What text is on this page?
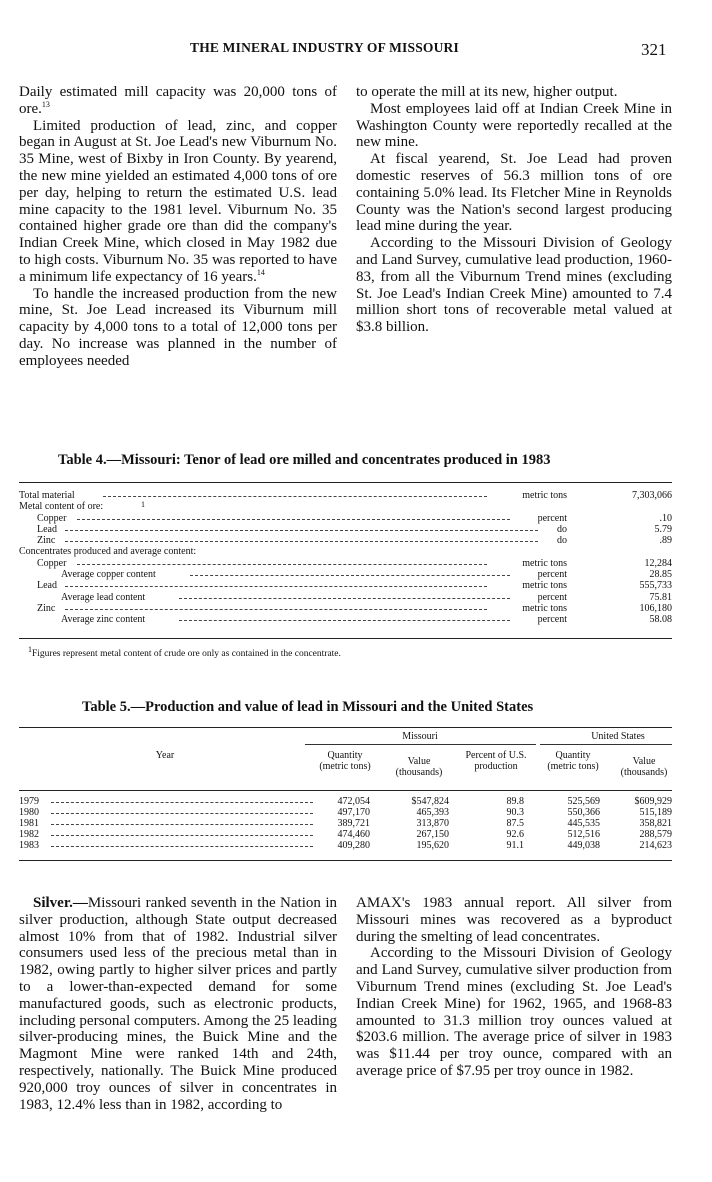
THE MINERAL INDUSTRY OF MISSOURI	321

Daily estimated mill capacity was 20,000 tons of ore.$^{13}$

Limited production of lead, zinc, and copper began in August at St. Joe Lead's new Viburnum No. 35 Mine, west of Bixby in Iron County. By yearend, the new mine yielded an estimated 4,000 tons of ore per day, helping to return the estimated U.S. lead mine capacity to the 1981 level. Viburnum No. 35 contained higher grade ore than did the company's Indian Creek Mine, which closed in May 1982 due to high costs. Viburnum No. 35 was reported to have a minimum life expectancy of 16 years.$^{14}$

To handle the increased production from the new mine, St. Joe Lead increased its Viburnum mill capacity by 4,000 tons to a total of 12,000 tons per day. No increase was planned in the number of employees needed

to operate the mill at its new, higher output.

Most employees laid off at Indian Creek Mine in Washington County were reportedly recalled at the new mine.

At fiscal yearend, St. Joe Lead had proven domestic reserves of 56.3 million tons of ore containing 5.0% lead. Its Fletcher Mine in Reynolds County was the Nation's second largest producing lead mine during the year.

According to the Missouri Division of Geology and Land Survey, cumulative lead production, 1960-83, from all the Viburnum Trend mines (excluding St. Joe Lead's Indian Creek Mine) amounted to 7.4 million short tons of recoverable metal valued at $3.8 billion.

Table 4.—Missouri: Tenor of lead ore milled and concentrates produced in 1983
Total material	metric tons	7,303,066
Metal content of ore:	1
Copper	percent	.10
Lead	do	5.79
Zinc	do	.89
Concentrates produced and average content:
Copper	metric tons	12,284
Average copper content	percent	28.85
Lead	metric tons	555,733
Average lead content	percent	75.81
Zinc	metric tons	106,180
Average zinc content	percent	58.08
$^1$Figures represent metal content of crude ore only as contained in the concentrate.
Table 5.—Production and value of lead in Missouri and the United States
Missouri	United States
Year	Quantity (metric tons)	Value (thousands)
Percent of U.S. production
Quantity (metric tons)	Value (thousands)
1979	472,054	$547,824	89.8	525,569	$609,929
1980	497,170	465,393	90.3	550,366	515,189
1981	389,721	313,870	87.5	445,535	358,821
1982	474,460	267,150	92.6	512,516	288,579
1983	409,280	195,620	91.1	449,038	214,623

Silver.—Missouri ranked seventh in the Nation in silver production, although State output decreased almost 10% from that of 1982. Industrial silver consumers used less of the precious metal than in 1982, owing partly to higher silver prices and partly to a lower-than-expected demand for some manufactured goods, such as electronic products, including personal computers. Among the 25 leading silver-producing mines, the Buick Mine and the Magmont Mine were ranked 14th and 24th, respectively, nationally. The Buick Mine produced 920,000 troy ounces of silver in concentrates in 1983, 12.4% less than in 1982, according to

AMAX's 1983 annual report. All silver from Missouri mines was recovered as a byproduct during the smelting of lead concentrates.

According to the Missouri Division of Geology and Land Survey, cumulative silver production from Viburnum Trend mines (excluding St. Joe Lead's Indian Creek Mine) for 1962, 1965, and 1968-83 amounted to 31.3 million troy ounces valued at $203.6 million. The average price of silver in 1983 was $11.44 per troy ounce, compared with an average price of $7.95 per troy ounce in 1982.
